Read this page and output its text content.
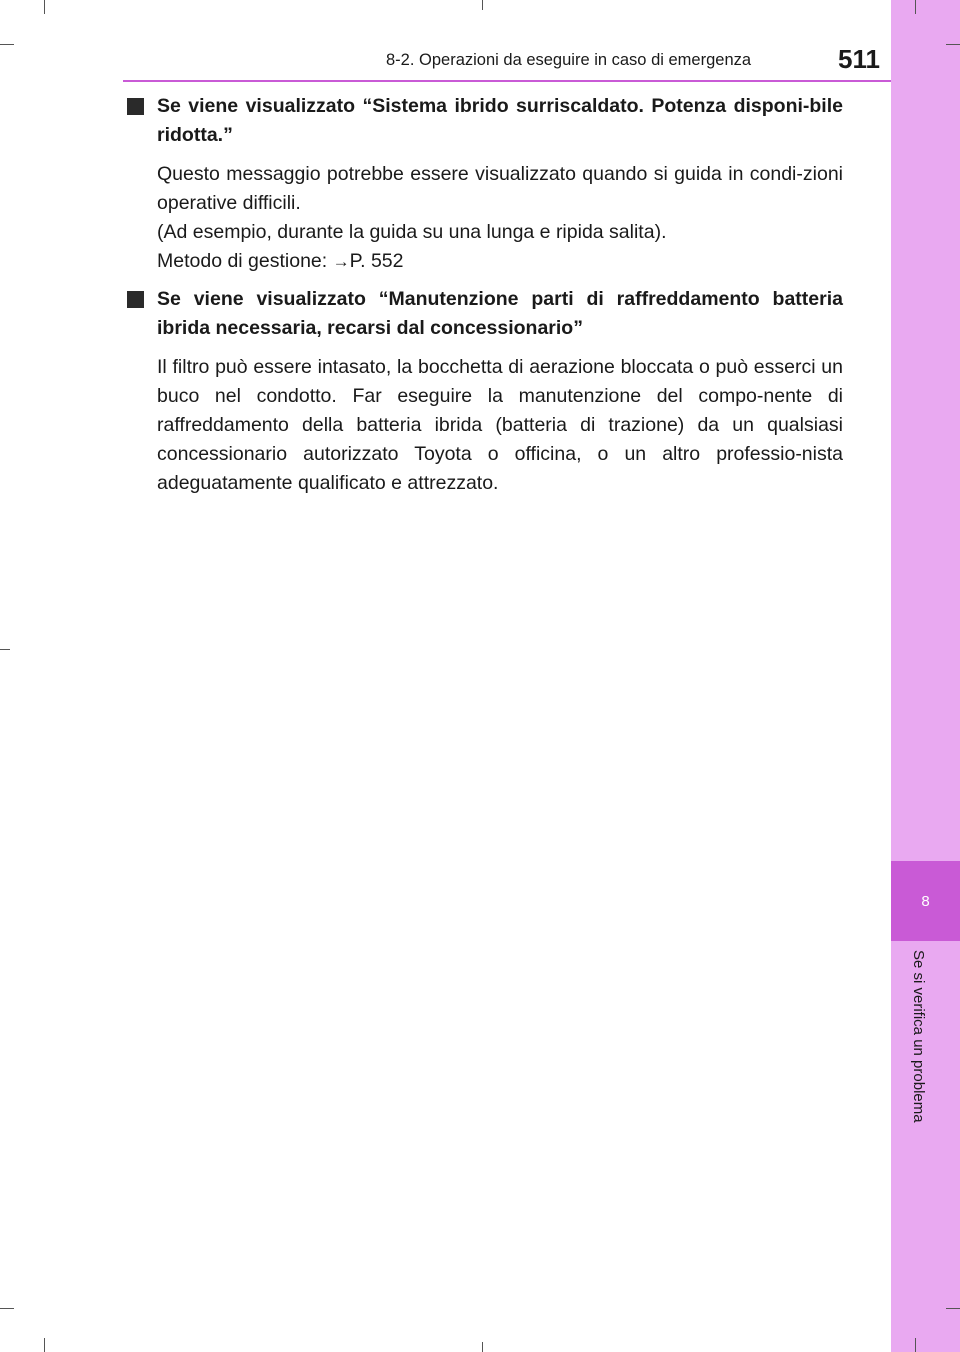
8
Se si verifica un problema
8-2. Operazioni da eseguire in caso di emergenza	511
Se viene visualizzato “Sistema ibrido surriscaldato. Potenza disponi-bile ridotta.”
Questo messaggio potrebbe essere visualizzato quando si guida in condi-zioni operative difficili.
(Ad esempio, durante la guida su una lunga e ripida salita).
Metodo di gestione: →P. 552
Se viene visualizzato “Manutenzione parti di raffreddamento batteria ibrida necessaria, recarsi dal concessionario”
Il filtro può essere intasato, la bocchetta di aerazione bloccata o può esserci un buco nel condotto. Far eseguire la manutenzione del compo-nente di raffreddamento della batteria ibrida (batteria di trazione) da un qualsiasi concessionario autorizzato Toyota o officina, o un altro professio-nista adeguatamente qualificato e attrezzato.
